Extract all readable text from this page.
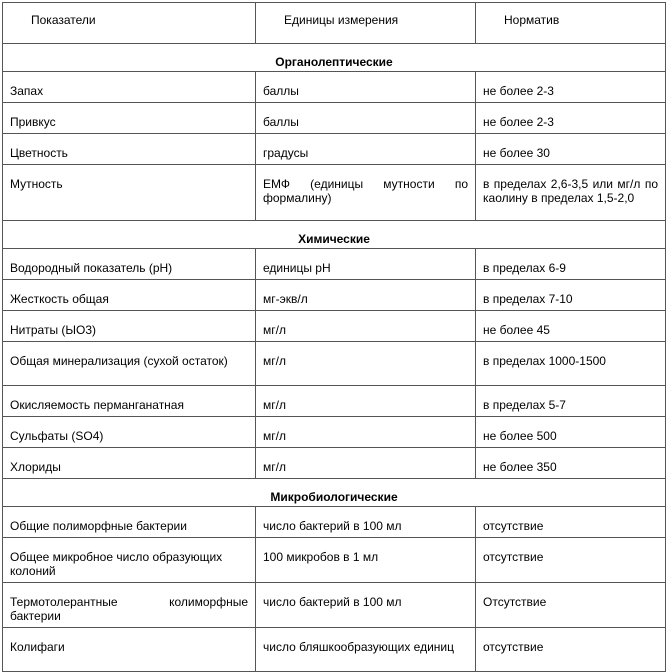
Показатели	Единицы измерения	Норматив
Органолептические		
Запах	баллы	не более 2-3
Привкус	баллы	не более 2-3
Цветность	градусы	не более 30
Мутность	ЕМФ (единицы мутности по формалину)	в пределах 2,6-3,5 или мг/л по каолину в пределах 1,5-2,0
Химические		
Водородный показатель (рН)	единицы рН	в пределах 6-9
Жесткость общая	мг-экв/л	в пределах 7-10
Нитраты (ЫО3)	мг/л	не более 45
Общая минерализация (сухой остаток)	мг/л	в пределах 1000-1500
Окисляемость перманганатная	мг/л	в пределах 5-7
Сульфаты (SO4)	мг/л	не более 500
Хлориды	мг/л	не более 350
Микробиологические		
Общие полиморфные бактерии	число бактерий в 100 мл	отсутствие
Общее микробное число образующих колоний	100 микробов в 1 мл	отсутствие
Термотолерантные колиморфные бактерии	число бактерий в 100 мл	Отсутствие
Колифаги	число бляшкообразующих единиц	отсутствие
